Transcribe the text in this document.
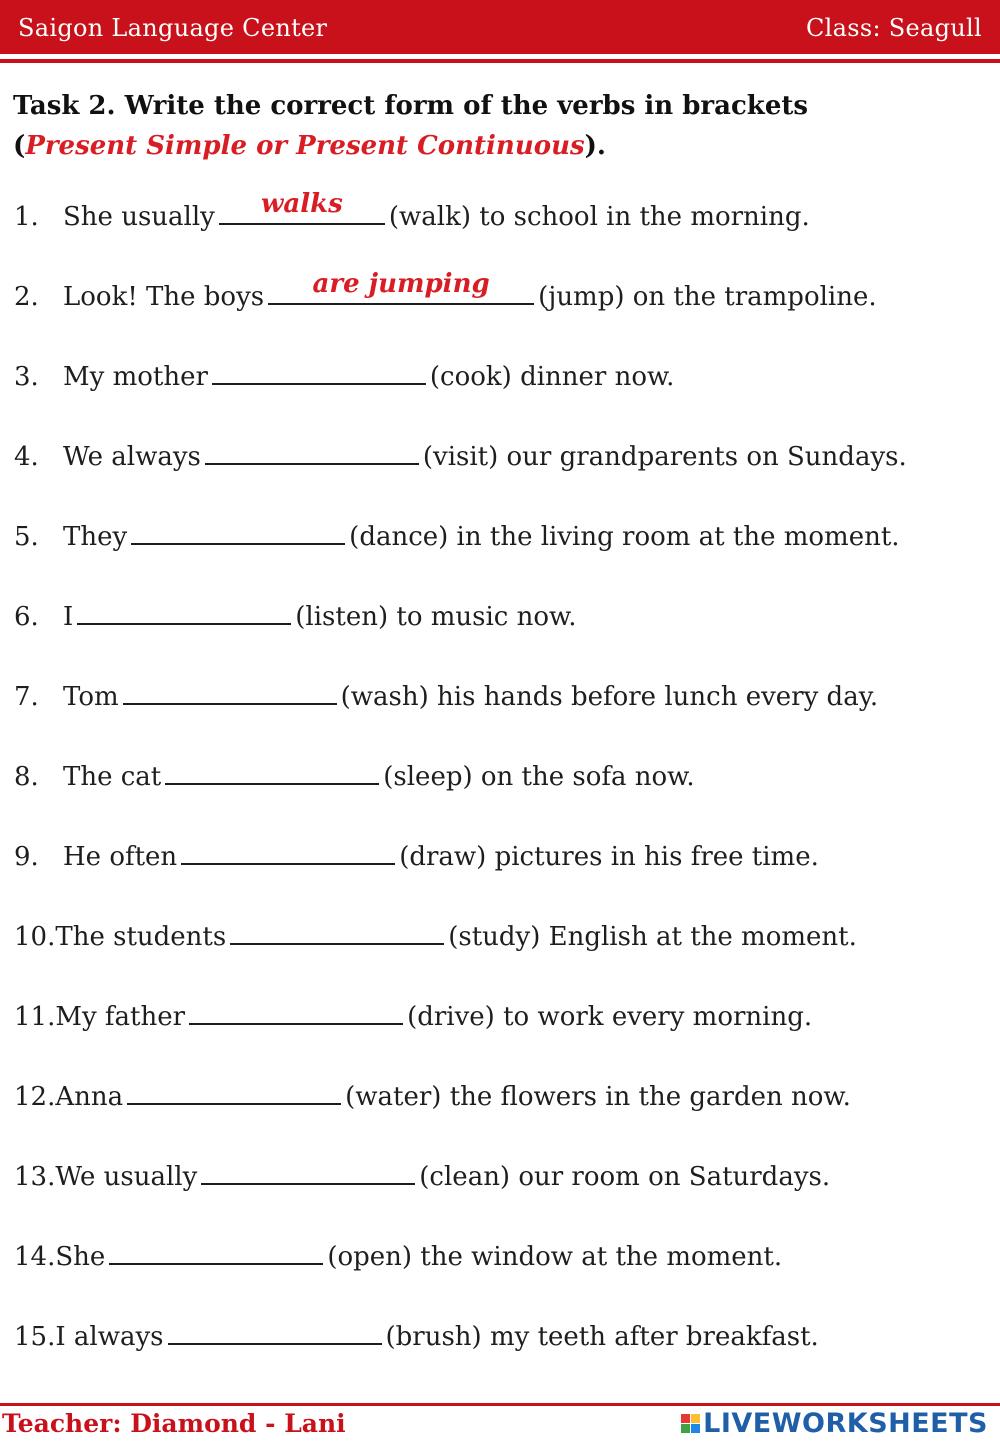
Saigon Language Center	Class: Seagull
Task 2. Write the correct form of the verbs in brackets
(Present Simple or Present Continuous).
1. She usually	walks	(walk) to school in the morning.
2. Look! The boys	are jumping	(jump) on the trampoline.
3. My mother	(cook) dinner now.
4. We always	(visit) our grandparents on Sundays.
5. They	(dance) in the living room at the moment.
6. I	(listen) to music now.
7. Tom	(wash) his hands before lunch every day.
8. The cat	(sleep) on the sofa now.
9. He often	(draw) pictures in his free time.
10.The students	(study) English at the moment.
11.My father	(drive) to work every morning.
12.Anna	(water) the flowers in the garden now.
13.We usually	(clean) our room on Saturdays.
14.She	(open) the window at the moment.
15.I always	(brush) my teeth after breakfast.
Teacher: Diamond - Lani	LIVEWORKSHEETS
